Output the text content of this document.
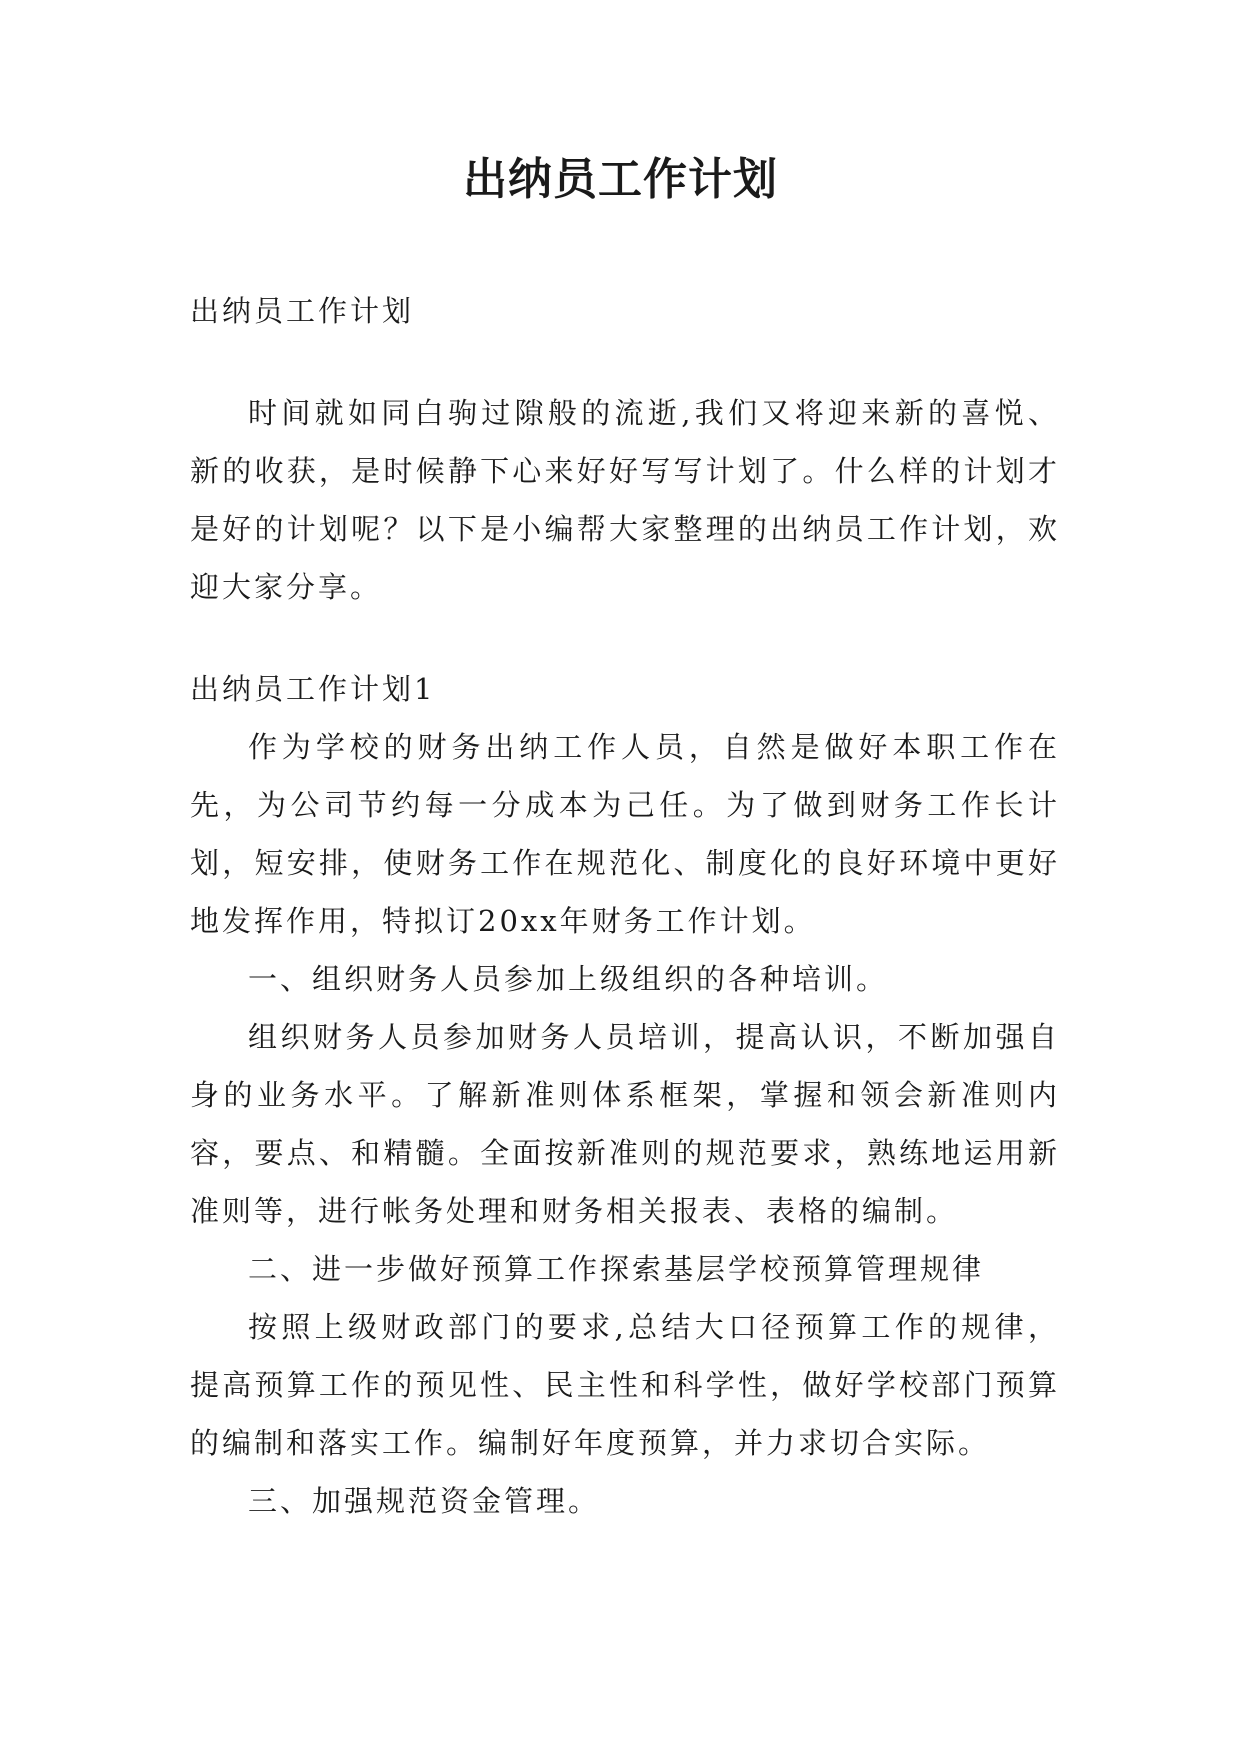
出纳员工作计划

出纳员工作计划

时间就如同白驹过隙般的流逝,我们又将迎来新的喜悦、新的收获，是时候静下心来好好写写计划了。什么样的计划才是好的计划呢？以下是小编帮大家整理的出纳员工作计划，欢迎大家分享。

出纳员工作计划1

作为学校的财务出纳工作人员，自然是做好本职工作在先，为公司节约每一分成本为己任。为了做到财务工作长计划，短安排，使财务工作在规范化、制度化的良好环境中更好地发挥作用，特拟订20xx年财务工作计划。

一、组织财务人员参加上级组织的各种培训。

组织财务人员参加财务人员培训，提高认识，不断加强自身的业务水平。了解新准则体系框架，掌握和领会新准则内容，要点、和精髓。全面按新准则的规范要求，熟练地运用新准则等，进行帐务处理和财务相关报表、表格的编制。

二、进一步做好预算工作探索基层学校预算管理规律

按照上级财政部门的要求,总结大口径预算工作的规律，提高预算工作的预见性、民主性和科学性，做好学校部门预算的编制和落实工作。编制好年度预算，并力求切合实际。

三、加强规范资金管理。
